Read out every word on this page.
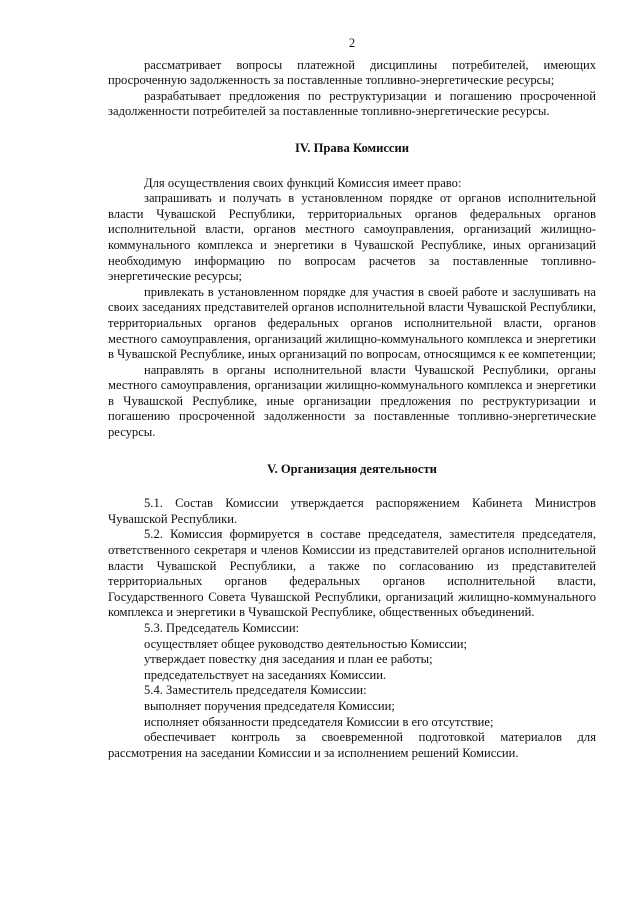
2

рассматривает вопросы платежной дисциплины потребителей, имеющих просроченную задолженность за поставленные топливно-энергетические ресурсы;

разрабатывает предложения по реструктуризации и погашению просроченной задолженности потребителей за поставленные топливно-энергетические ресурсы.

IV. Права Комиссии

Для осуществления своих функций Комиссия имеет право:

запрашивать и получать в установленном порядке от органов исполнительной власти Чувашской Республики, территориальных органов федеральных органов исполнительной власти, органов местного самоуправления, организаций жилищно-коммунального комплекса и энергетики в Чувашской Республике, иных организаций необходимую информацию по вопросам расчетов за поставленные топливно-энергетические ресурсы;

привлекать в установленном порядке для участия в своей работе и заслушивать на своих заседаниях представителей органов исполнительной власти Чувашской Республики, территориальных органов федеральных органов исполнительной власти, органов местного самоуправления, организаций жилищно-коммунального комплекса и энергетики в Чувашской Республике, иных организаций по вопросам, относящимся к ее компетенции;

направлять в органы исполнительной власти Чувашской Республики, органы местного самоуправления, организации жилищно-коммунального комплекса и энергетики в Чувашской Республике, иные организации предложения по реструктуризации и погашению просроченной задолженности за поставленные топливно-энергетические ресурсы.

V. Организация деятельности

5.1. Состав Комиссии утверждается распоряжением Кабинета Министров Чувашской Республики.

5.2. Комиссия формируется в составе председателя, заместителя председателя, ответственного секретаря и членов Комиссии из представителей органов исполнительной власти Чувашской Республики, а также по согласованию из представителей территориальных органов федеральных органов исполнительной власти, Государственного Совета Чувашской Республики, организаций жилищно-коммунального комплекса и энергетики в Чувашской Республике, общественных объединений.

5.3. Председатель Комиссии:

осуществляет общее руководство деятельностью Комиссии;

утверждает повестку дня заседания и план ее работы;

председательствует на заседаниях Комиссии.

5.4. Заместитель председателя Комиссии:

выполняет поручения председателя Комиссии;

исполняет обязанности председателя Комиссии в его отсутствие;

обеспечивает контроль за своевременной подготовкой материалов для рассмотрения на заседании Комиссии и за исполнением решений Комиссии.
